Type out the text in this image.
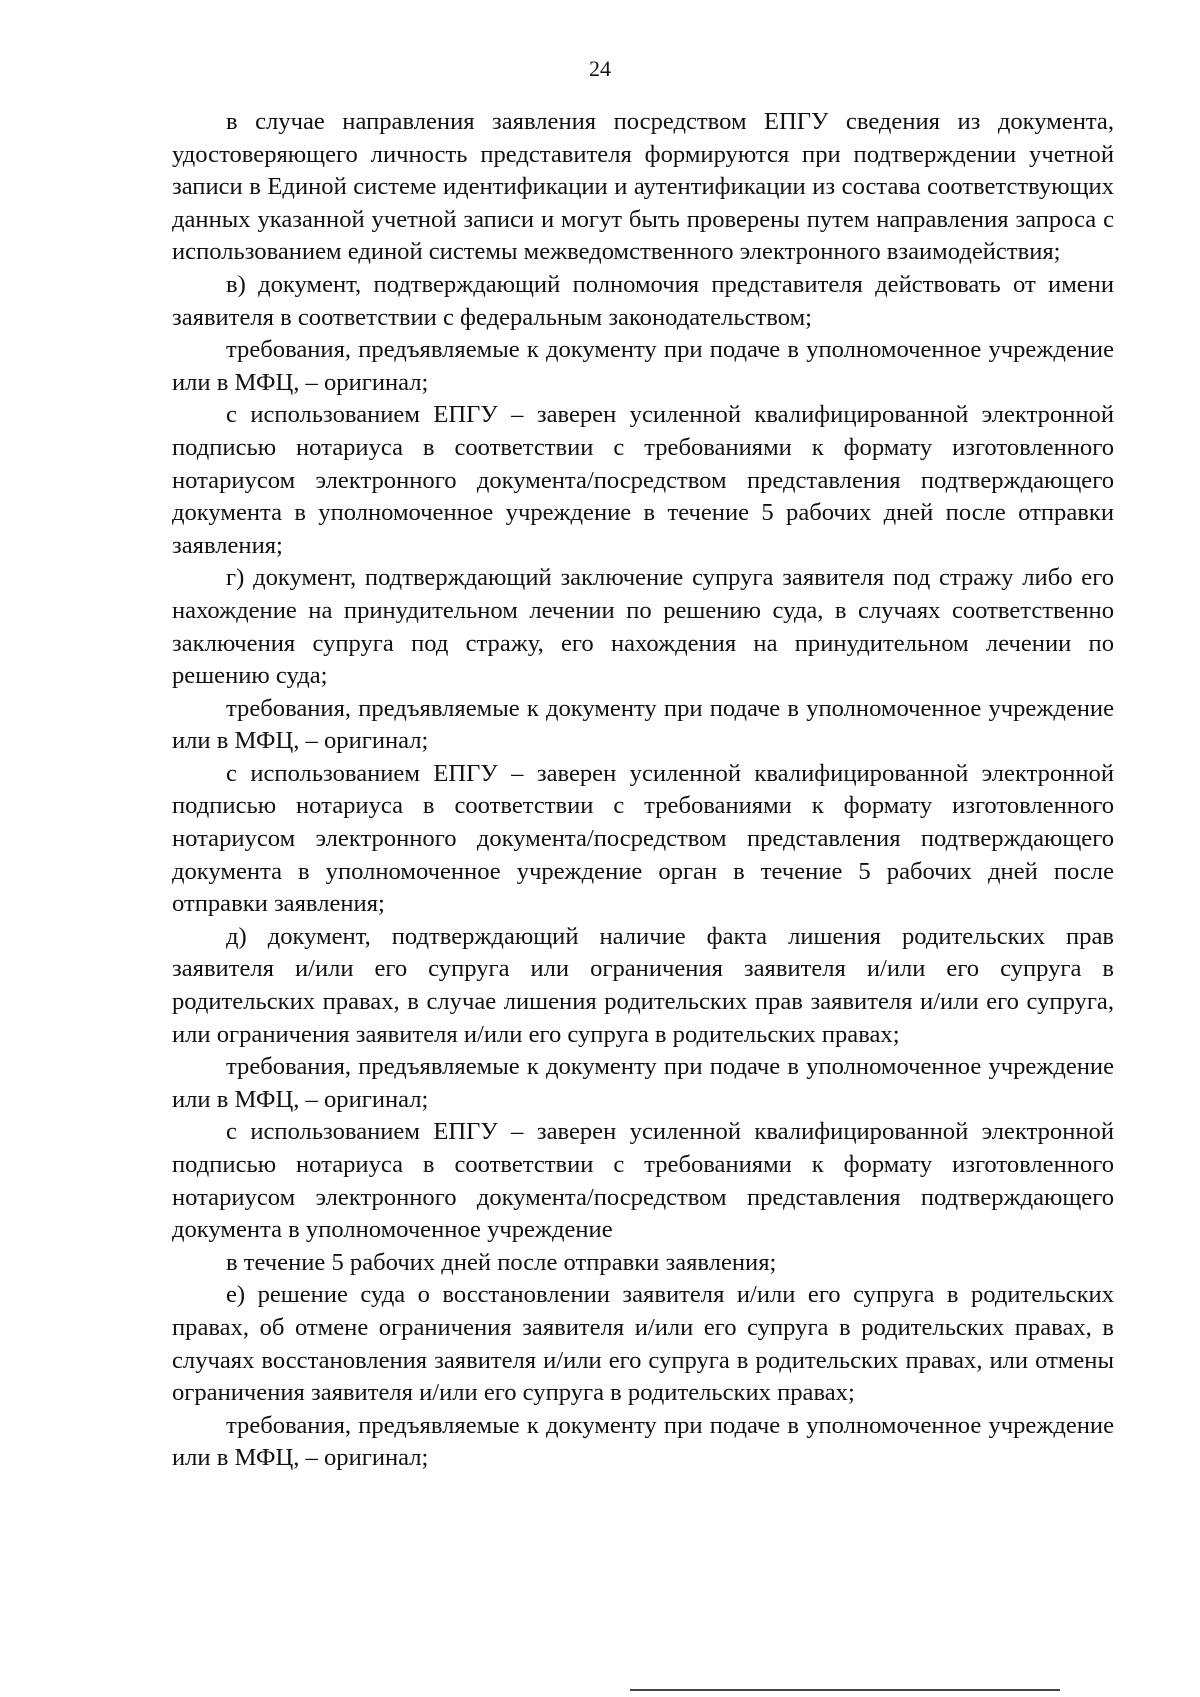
24

в случае направления заявления посредством ЕПГУ сведения из документа, удостоверяющего личность представителя формируются при подтверждении учетной записи в Единой системе идентификации и аутентификации из состава соответствующих данных указанной учетной записи и могут быть проверены путем направления запроса с использованием единой системы межведомственного электронного взаимодействия;

в) документ, подтверждающий полномочия представителя действовать от имени заявителя в соответствии с федеральным законодательством;

требования, предъявляемые к документу при подаче в уполномоченное учреждение или в МФЦ, – оригинал;

с использованием ЕПГУ – заверен усиленной квалифицированной электронной подписью нотариуса в соответствии с требованиями к формату изготовленного нотариусом электронного документа/посредством представления подтверждающего документа в уполномоченное учреждение в течение 5 рабочих дней после отправки заявления;

г) документ, подтверждающий заключение супруга заявителя под стражу либо его нахождение на принудительном лечении по решению суда, в случаях соответственно заключения супруга под стражу, его нахождения на принудительном лечении по решению суда;

требования, предъявляемые к документу при подаче в уполномоченное учреждение или в МФЦ, – оригинал;

с использованием ЕПГУ – заверен усиленной квалифицированной электронной подписью нотариуса в соответствии с требованиями к формату изготовленного нотариусом электронного документа/посредством представления подтверждающего документа в уполномоченное учреждение орган в течение 5 рабочих дней после отправки заявления;

д) документ, подтверждающий наличие факта лишения родительских прав заявителя и/или его супруга или ограничения заявителя и/или его супруга в родительских правах, в случае лишения родительских прав заявителя и/или его супруга, или ограничения заявителя и/или его супруга в родительских правах;

требования, предъявляемые к документу при подаче в уполномоченное учреждение или в МФЦ, – оригинал;

с использованием ЕПГУ – заверен усиленной квалифицированной электронной подписью нотариуса в соответствии с требованиями к формату изготовленного нотариусом электронного документа/посредством представления подтверждающего документа в уполномоченное учреждение

в течение 5 рабочих дней после отправки заявления;

е) решение суда о восстановлении заявителя и/или его супруга в родительских правах, об отмене ограничения заявителя и/или его супруга в родительских правах, в случаях восстановления заявителя и/или его супруга в родительских правах, или отмены ограничения заявителя и/или его супруга в родительских правах;

требования, предъявляемые к документу при подаче в уполномоченное учреждение или в МФЦ, – оригинал;
